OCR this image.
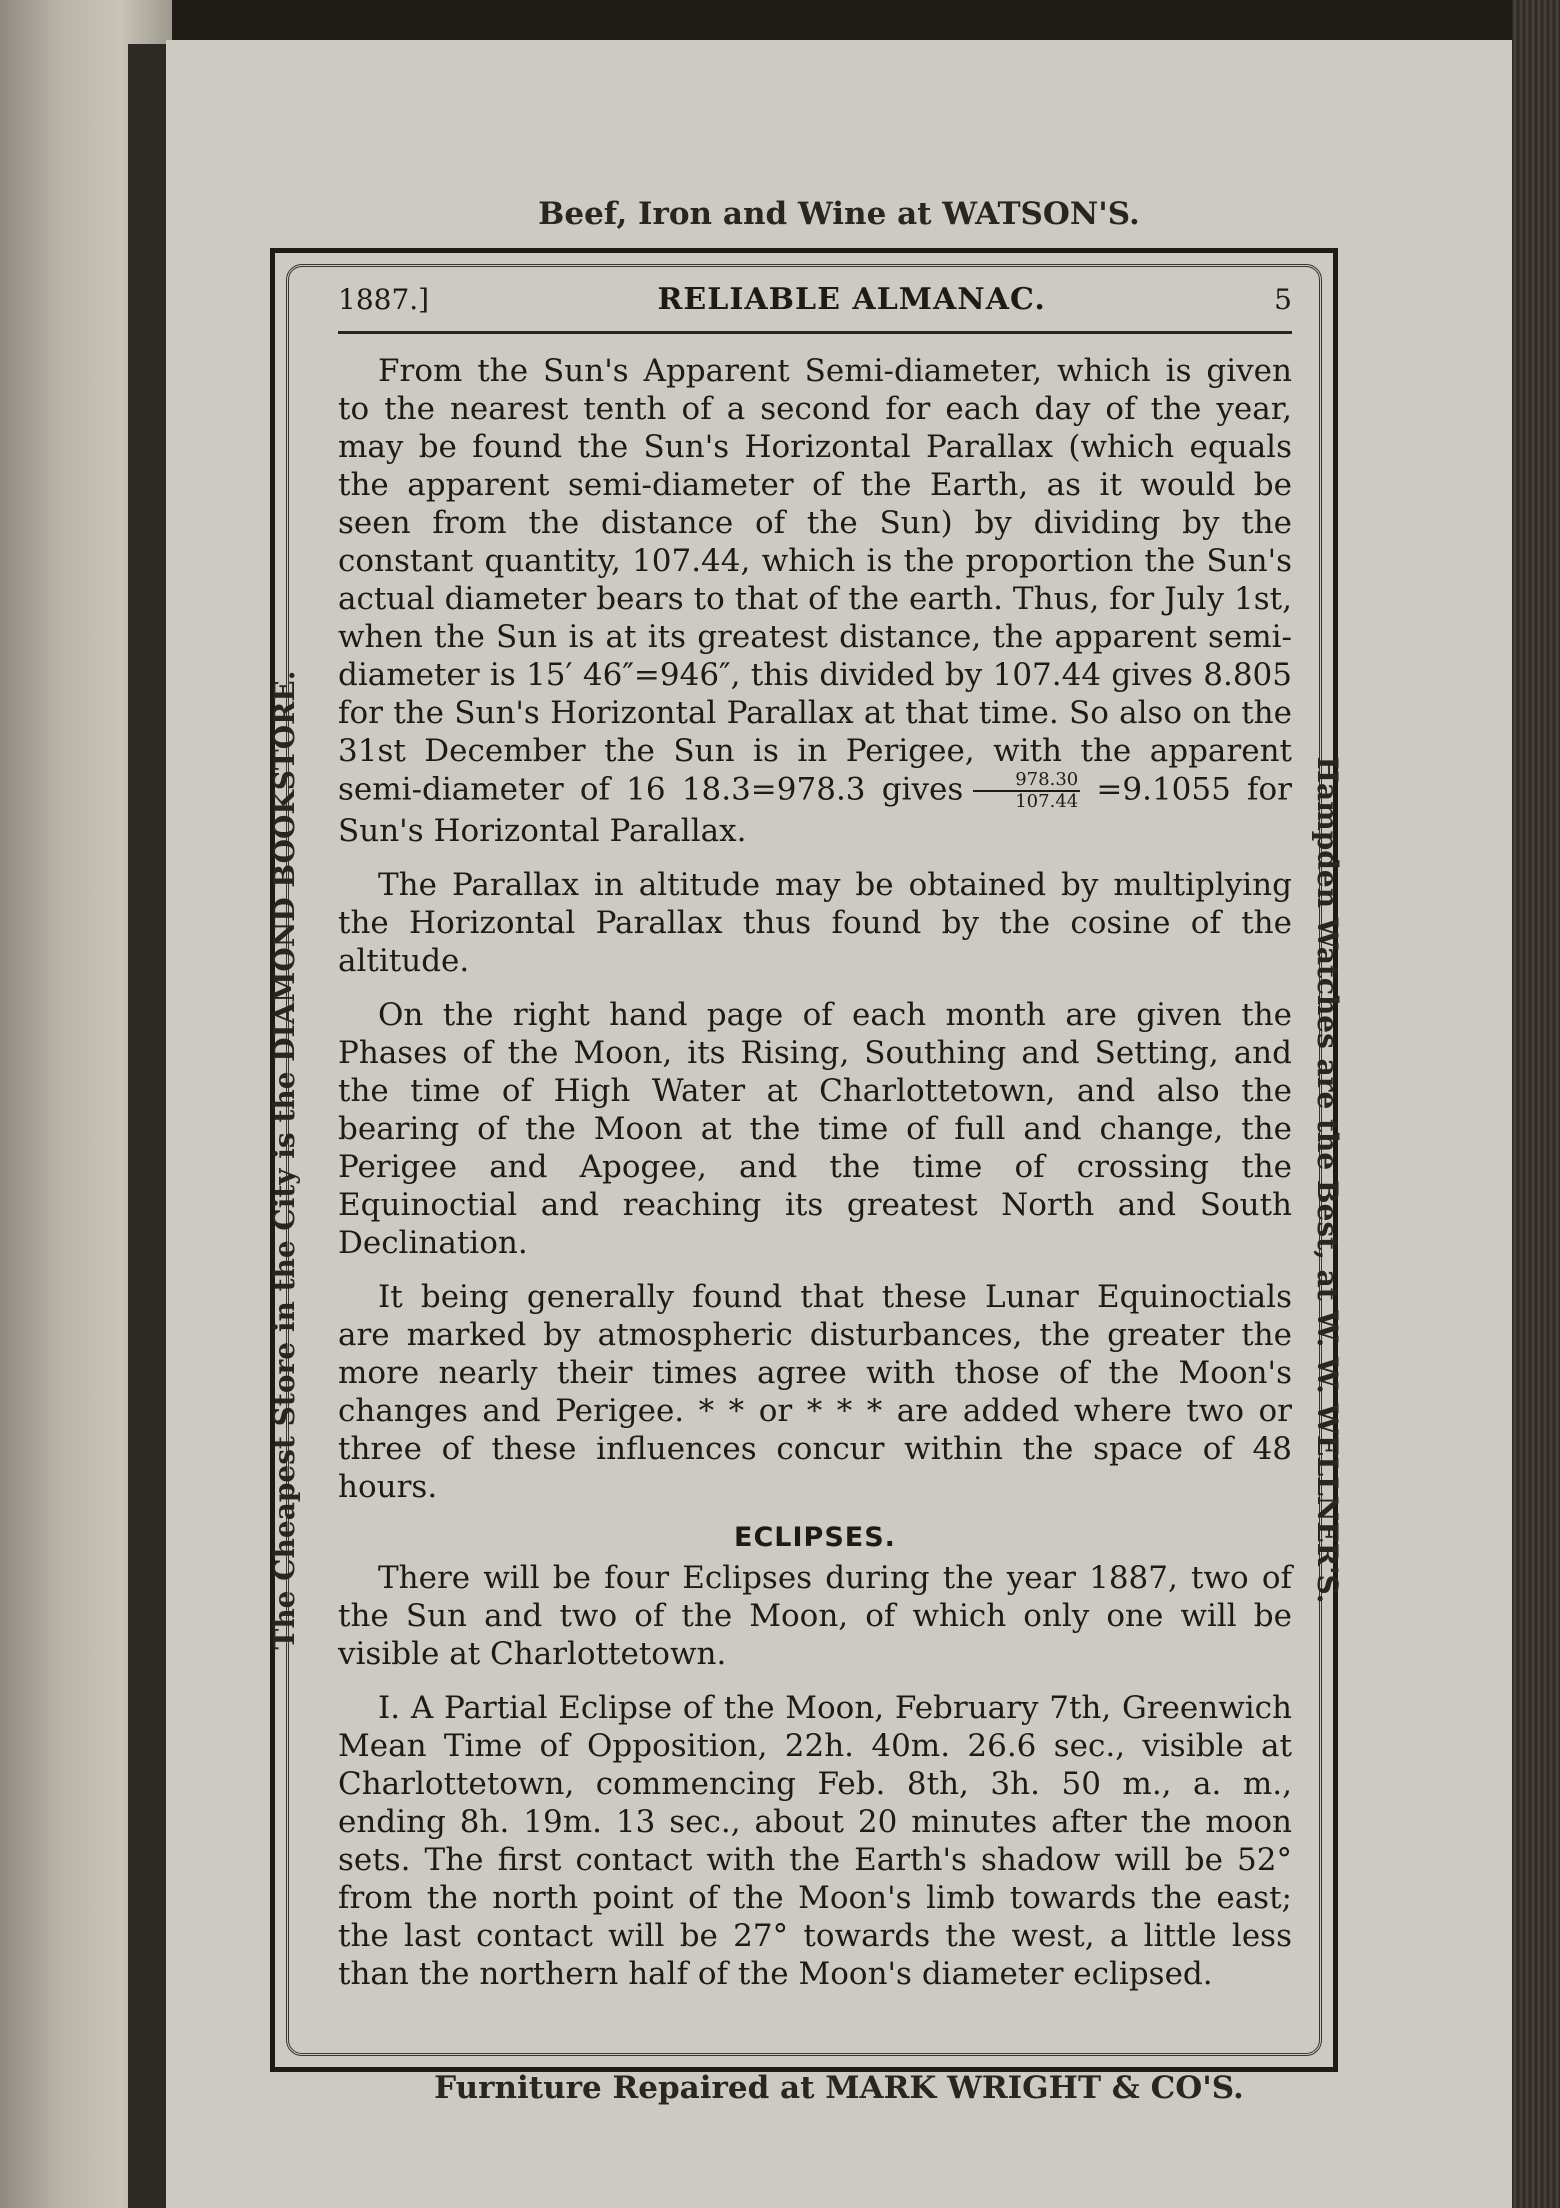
Beef, Iron and Wine at WATSON'S.
The Cheapest Store in the City is the DIAMOND BOOKSTORE.	Hampden Watches are the Best, at W. W. WELLNER'S.
1887.]	RELIABLE ALMANAC.	5

From the Sun's Apparent Semi-diameter, which is given to the nearest tenth of a second for each day of the year, may be found the Sun's Horizontal Parallax (which equals the apparent semi-diameter of the Earth, as it would be seen from the distance of the Sun) by dividing by the constant quantity, 107.44, which is the proportion the Sun's actual diameter bears to that of the earth. Thus, for July 1st, when the Sun is at its greatest distance, the apparent semi-diameter is 15′ 46″=946″, this divided by 107.44 gives 8.805 for the Sun's Horizontal Parallax at that time. So also on the 31st December the Sun is in Perigee, with the apparent semi-diameter of 16 18.3=978.3 gives $\frac{978.30}{107.44} =9.1055$ for Sun's Horizontal Parallax.

The Parallax in altitude may be obtained by multiplying the Horizontal Parallax thus found by the cosine of the altitude.

On the right hand page of each month are given the Phases of the Moon, its Rising, Southing and Setting, and the time of High Water at Charlottetown, and also the bearing of the Moon at the time of full and change, the Perigee and Apogee, and the time of crossing the Equinoctial and reaching its greatest North and South Declination.

It being generally found that these Lunar Equinoctials are marked by atmospheric disturbances, the greater the more nearly their times agree with those of the Moon's changes and Perigee. * * or * * * are added where two or three of these influences concur within the space of 48 hours.

ECLIPSES.

There will be four Eclipses during the year 1887, two of the Sun and two of the Moon, of which only one will be visible at Charlottetown.

I. A Partial Eclipse of the Moon, February 7th, Greenwich Mean Time of Opposition, 22h. 40m. 26.6 sec., visible at Charlottetown, commencing Feb. 8th, 3h. 50 m., a. m., ending 8h. 19m. 13 sec., about 20 minutes after the moon sets. The first contact with the Earth's shadow will be 52° from the north point of the Moon's limb towards the east; the last contact will be 27° towards the west, a little less than the northern half of the Moon's diameter eclipsed.

Furniture Repaired at MARK WRIGHT & CO'S.
